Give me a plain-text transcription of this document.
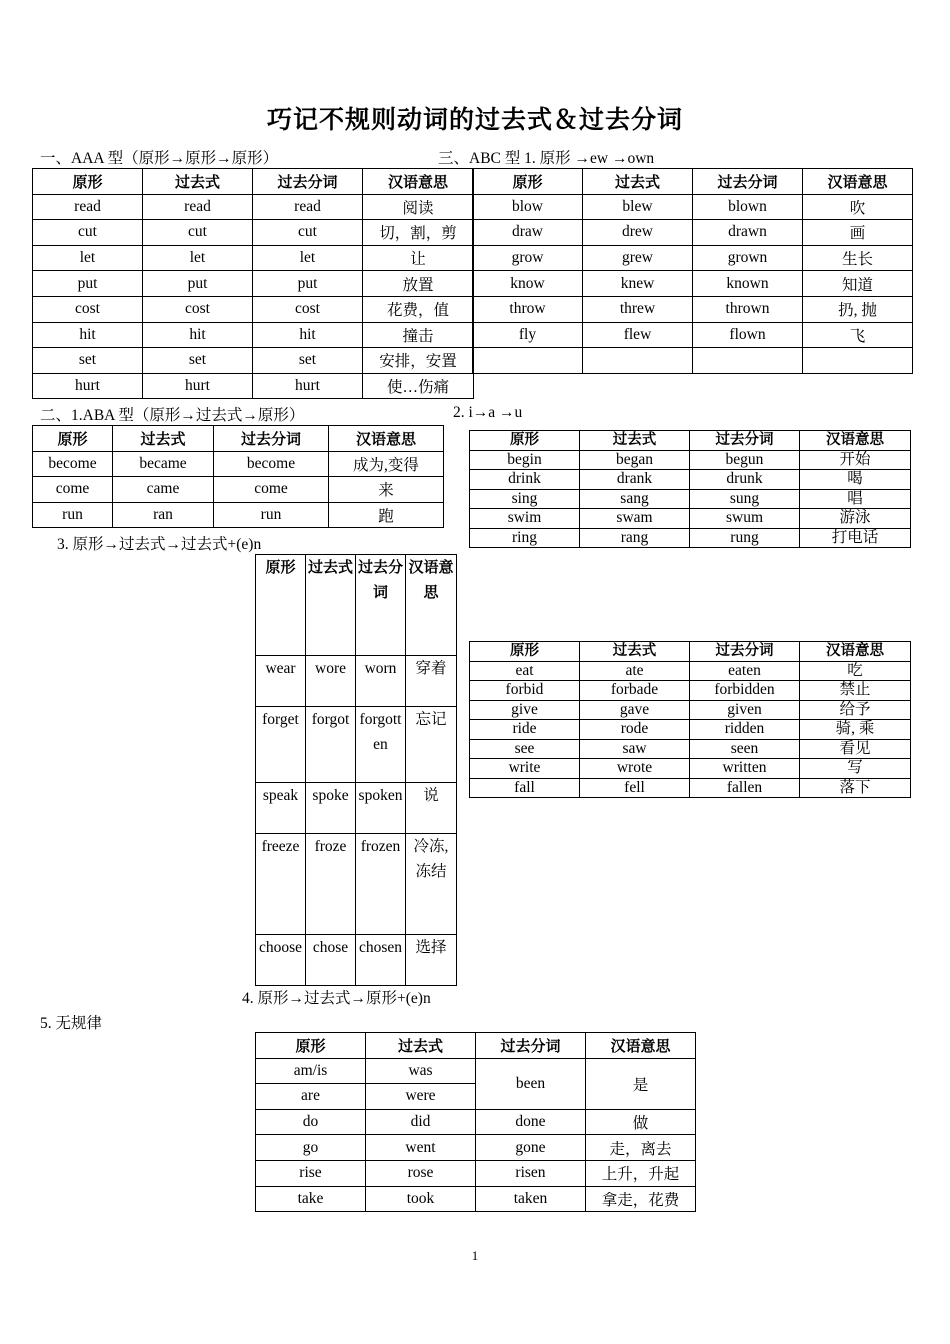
巧记不规则动词的过去式＆过去分词
一、AAA 型（原形→原形→原形）
原形	过去式	过去分词	汉语意思
read	read	read	阅读
cut	cut	cut	切，割，剪
let	let	let	让
put	put	put	放置
cost	cost	cost	花费，值
hit	hit	hit	撞击
set	set	set	安排，安置
hurt	hurt	hurt	使…伤痛
三、ABC 型 1. 原形 →ew →own
原形	过去式	过去分词	汉语意思
blow	blew	blown	吹
draw	drew	drawn	画
grow	grew	grown	生长
know	knew	known	知道
throw	threw	thrown	扔, 抛
fly	flew	flown	飞

二、1.ABA 型（原形→过去式→原形）
原形	过去式	过去分词	汉语意思
become	became	become	成为,变得
come	came	come	来
run	ran	run	跑
2. i→a →u
原形	过去式	过去分词	汉语意思
begin	began	begun	开始
drink	drank	drunk	喝
sing	sang	sung	唱
swim	swam	swum	游泳
ring	rang	rung	打电话
3. 原形→过去式→过去式+(e)n
原形	过去式	过去分词	汉语意思
wear	wore	worn	穿着
forget	forgot	forgotten	忘记
speak	spoke	spoken	说
freeze	froze	frozen	冷冻,冻结
choose	chose	chosen	选择
原形	过去式	过去分词	汉语意思
eat	ate	eaten	吃
forbid	forbade	forbidden	禁止
give	gave	given	给予
ride	rode	ridden	骑, 乘
see	saw	seen	看见
write	wrote	written	写
fall	fell	fallen	落下
4. 原形→过去式→原形+(e)n
5. 无规律
原形	过去式	过去分词	汉语意思
am/is	was	been	是
are	were		
do	did	done	做
go	went	gone	走，离去
rise	rose	risen	上升，升起
take	took	taken	拿走，花费
1
